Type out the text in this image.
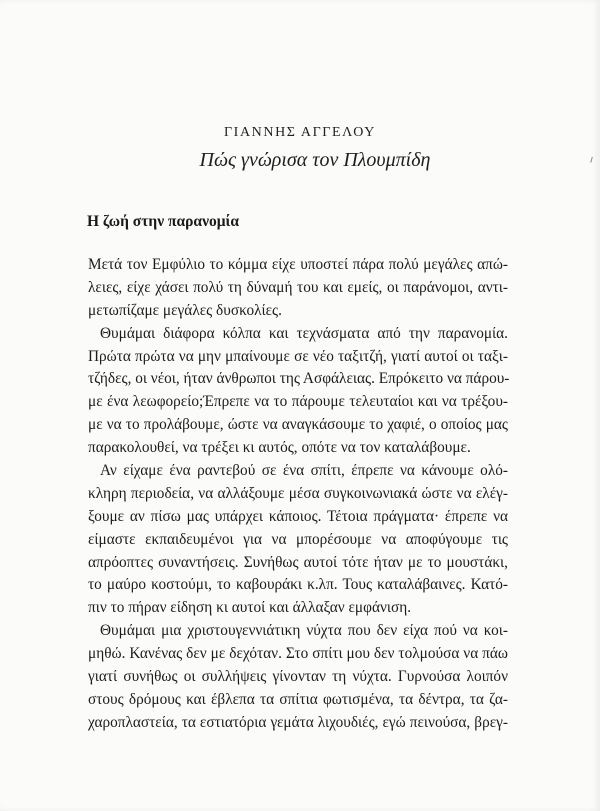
ΓΙΑΝΝΗΣ ΑΓΓΕΛΟΥ
Πώς γνώρισα τον Πλουμπίδη
Η ζωή στην παρανομία
Μετά τον Εμφύλιο το κόμμα είχε υποστεί πάρα πολύ μεγάλες απώ-
λειες, είχε χάσει πολύ τη δύναμή του και εμείς, οι παράνομοι, αντι-
μετωπίζαμε μεγάλες δυσκολίες.
Θυμάμαι διάφορα κόλπα και τεχνάσματα από την παρανομία.
Πρώτα πρώτα να μην μπαίνουμε σε νέο ταξιτζή, γιατί αυτοί οι ταξι-
τζήδες, οι νέοι, ήταν άνθρωποι της Ασφάλειας. Επρόκειτο να πάρου-
με ένα λεωφορείο;Έπρεπε να το πάρουμε τελευταίοι και να τρέξου-
με να το προλάβουμε, ώστε να αναγκάσουμε το χαφιέ, ο οποίος μας
παρακολουθεί, να τρέξει κι αυτός, οπότε να τον καταλάβουμε.
Αν είχαμε ένα ραντεβού σε ένα σπίτι, έπρεπε να κάνουμε ολό-
κληρη περιοδεία, να αλλάξουμε μέσα συγκοινωνιακά ώστε να ελέγ-
ξουμε αν πίσω μας υπάρχει κάποιος. Τέτοια πράγματα· έπρεπε να
είμαστε εκπαιδευμένοι για να μπορέσουμε να αποφύγουμε τις
απρόοπτες συναντήσεις. Συνήθως αυτοί τότε ήταν με το μουστάκι,
το μαύρο κοστούμι, το καβουράκι κ.λπ. Τους καταλάβαινες. Κατό-
πιν το πήραν είδηση κι αυτοί και άλλαξαν εμφάνιση.
Θυμάμαι μια χριστουγεννιάτικη νύχτα που δεν είχα πού να κοι-
μηθώ. Κανένας δεν με δεχόταν. Στο σπίτι μου δεν τολμούσα να πάω
γιατί συνήθως οι συλλήψεις γίνονταν τη νύχτα. Γυρνούσα λοιπόν
στους δρόμους και έβλεπα τα σπίτια φωτισμένα, τα δέντρα, τα ζα-
χαροπλαστεία, τα εστιατόρια γεμάτα λιχουδιές, εγώ πεινούσα, βρεγ-
